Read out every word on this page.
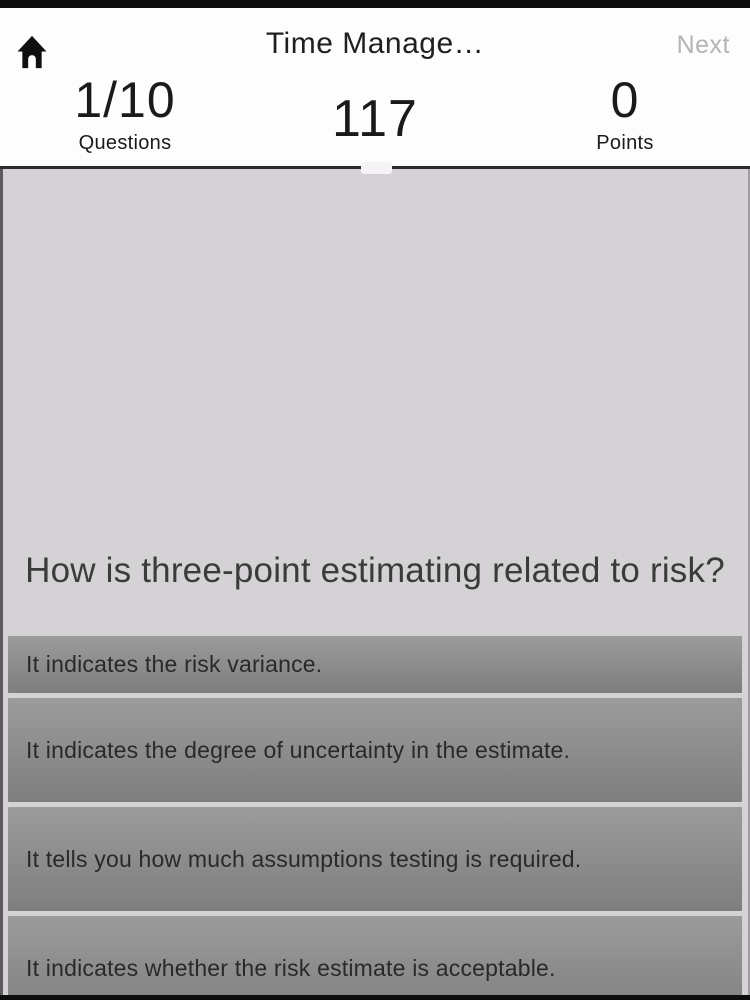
Time Manage…	Next
1/10
Questions	117	0
Points
How is three-point estimating related to risk?
It indicates the risk variance.
It indicates the degree of uncertainty in the estimate.
It tells you how much assumptions testing is required.
It indicates whether the risk estimate is acceptable.
